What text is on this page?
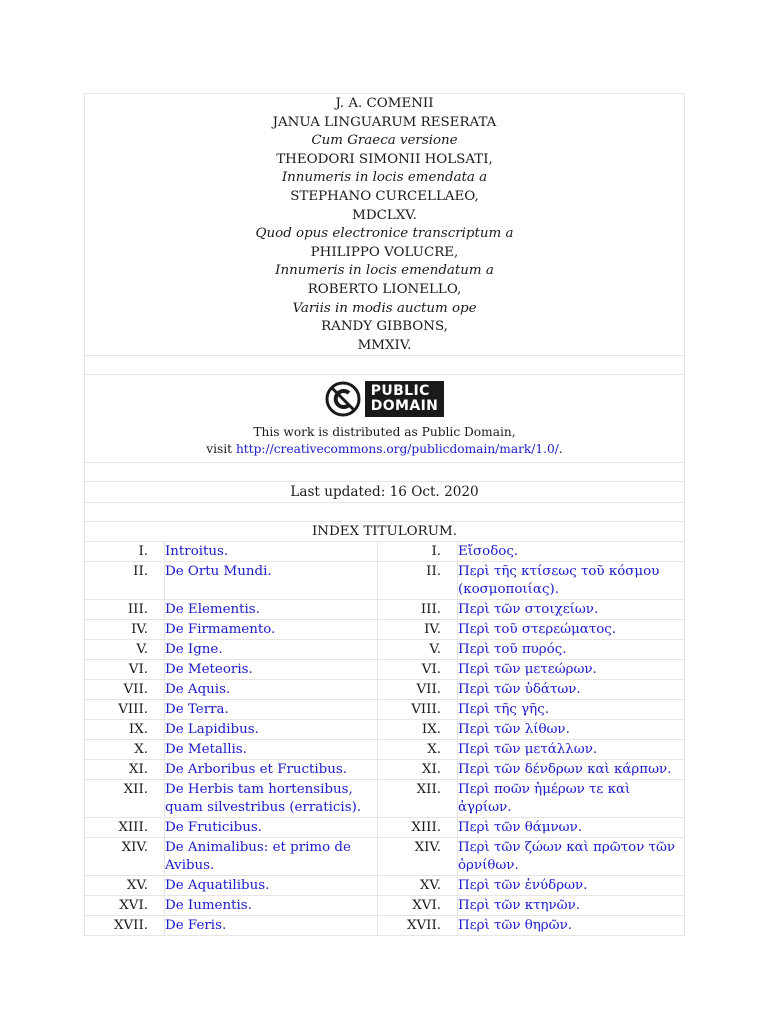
J. A. COMENII
JANUA LINGUARUM RESERATA
Cum Graeca versione
THEODORI SIMONII HOLSATI,
Innumeris in locis emendata a
STEPHANO CURCELLAEO,
MDCLXV.
Quod opus electronice transcriptum a
PHILIPPO VOLUCRE,
Innumeris in locis emendatum a
ROBERTO LIONELLO,
Variis in modis auctum ope
RANDY GIBBONS,
MMXIV.
PUBLIC
DOMAIN
This work is distributed as Public Domain,
visit http://creativecommons.org/publicdomain/mark/1.0/.
Last updated: 16 Oct. 2020
INDEX TITULORUM.
I.	Introitus.	I.	Εἴσοδος.
II.	De Ortu Mundi.	II.	Περὶ τῆς κτίσεως τοῦ κόσμου (κοσμοποιίας).
III.	De Elementis.	III.	Περὶ τῶν στοιχείων.
IV.	De Firmamento.	IV.	Περὶ τοῦ στερεώματος.
V.	De Igne.	V.	Περὶ τοῦ πυρός.
VI.	De Meteoris.	VI.	Περὶ τῶν μετεώρων.
VII.	De Aquis.	VII.	Περὶ τῶν ὑδάτων.
VIII.	De Terra.	VIII.	Περὶ τῆς γῆς.
IX.	De Lapidibus.	IX.	Περὶ τῶν λίθων.
X.	De Metallis.	X.	Περὶ τῶν μετάλλων.
XI.	De Arboribus et Fructibus.	XI.	Περὶ τῶν δένδρων καὶ κάρπων.
XII.	De Herbis tam hortensibus, quam silvestribus (erraticis).	XII.	Περὶ ποῶν ἡμέρων τε καὶ ἀγρίων.
XIII.	De Fruticibus.	XIII.	Περὶ τῶν θάμνων.
XIV.	De Animalibus: et primo de Avibus.	XIV.	Περὶ τῶν ζώων καὶ πρῶτον τῶν ὀρνίθων.
XV.	De Aquatilibus.	XV.	Περὶ τῶν ἐνύδρων.
XVI.	De Iumentis.	XVI.	Περὶ τῶν κτηνῶν.
XVII.	De Feris.	XVII.	Περὶ τῶν θηρῶν.
